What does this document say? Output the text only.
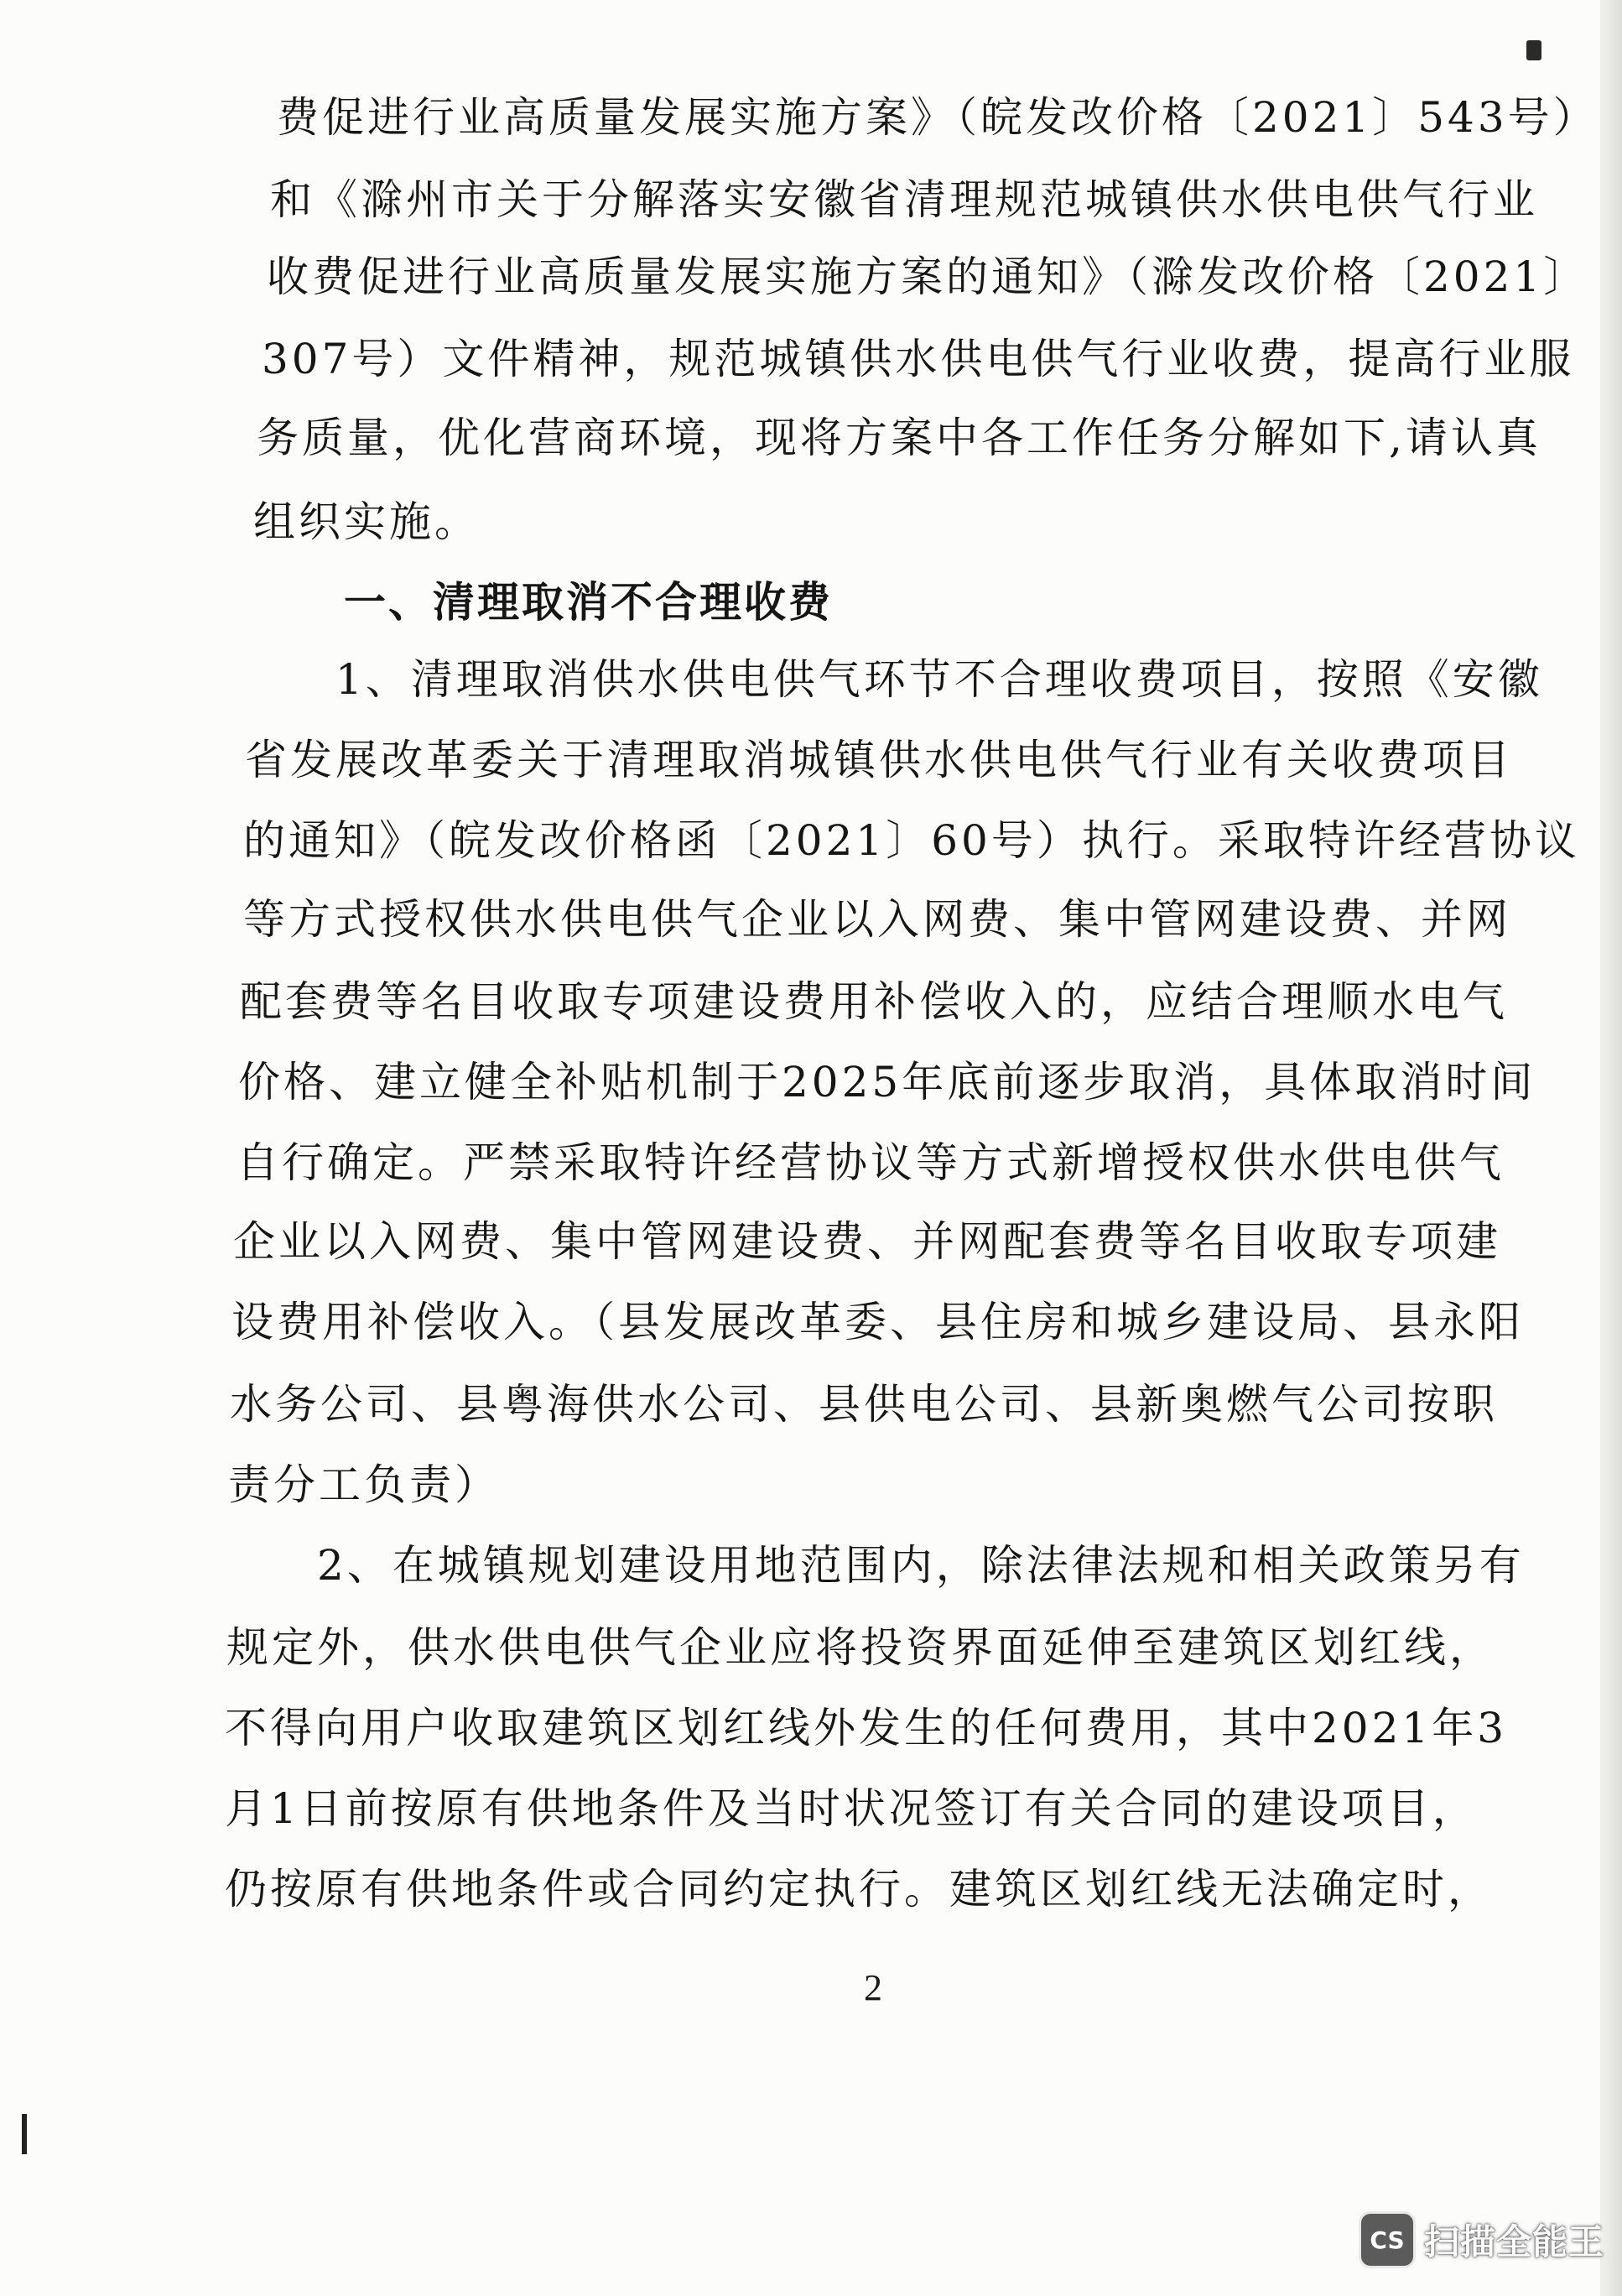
费促进行业高质量发展实施方案》（皖发改价格〔2021〕543号）
和《滁州市关于分解落实安徽省清理规范城镇供水供电供气行业
收费促进行业高质量发展实施方案的通知》（滁发改价格〔2021〕
307号）文件精神，规范城镇供水供电供气行业收费，提高行业服
务质量，优化营商环境，现将方案中各工作任务分解如下,请认真
组织实施。
一、清理取消不合理收费
1、清理取消供水供电供气环节不合理收费项目，按照《安徽
省发展改革委关于清理取消城镇供水供电供气行业有关收费项目
的通知》（皖发改价格函〔2021〕60号）执行。采取特许经营协议
等方式授权供水供电供气企业以入网费、集中管网建设费、并网
配套费等名目收取专项建设费用补偿收入的，应结合理顺水电气
价格、建立健全补贴机制于2025年底前逐步取消，具体取消时间
自行确定。严禁采取特许经营协议等方式新增授权供水供电供气
企业以入网费、集中管网建设费、并网配套费等名目收取专项建
设费用补偿收入。（县发展改革委、县住房和城乡建设局、县永阳
水务公司、县粤海供水公司、县供电公司、县新奥燃气公司按职
责分工负责）
2、在城镇规划建设用地范围内，除法律法规和相关政策另有
规定外，供水供电供气企业应将投资界面延伸至建筑区划红线，
不得向用户收取建筑区划红线外发生的任何费用，其中2021年3
月1日前按原有供地条件及当时状况签订有关合同的建设项目，
仍按原有供地条件或合同约定执行。建筑区划红线无法确定时，
2
CS 扫描全能王
